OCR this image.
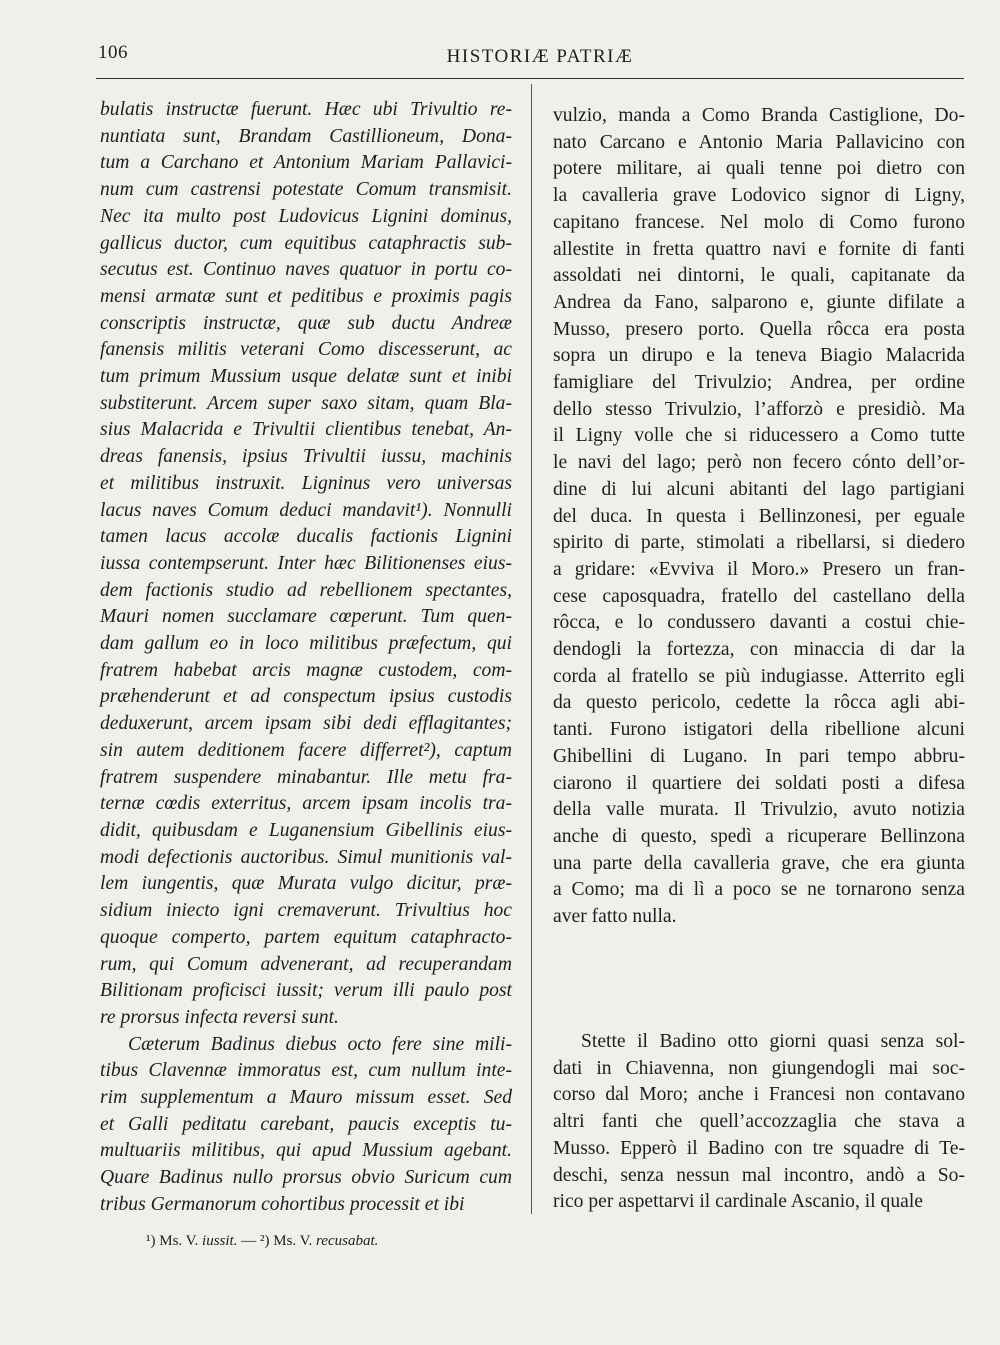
106	HISTORIÆ PATRIÆ
bulatis instructæ fuerunt. Hæc ubi Trivultio re-
nuntiata sunt, Brandam Castillioneum, Dona-
tum a Carchano et Antonium Mariam Pallavici-
num cum castrensi potestate Comum transmisit.
Nec ita multo post Ludovicus Lignini dominus,
gallicus ductor, cum equitibus cataphractis sub-
secutus est. Continuo naves quatuor in portu co-
mensi armatæ sunt et peditibus e proximis pagis
conscriptis instructæ, quæ sub ductu Andreæ
fanensis militis veterani Como discesserunt, ac
tum primum Mussium usque delatæ sunt et inibi
substiterunt. Arcem super saxo sitam, quam Bla-
sius Malacrida e Trivultii clientibus tenebat, An-
dreas fanensis, ipsius Trivultii iussu, machinis
et militibus instruxit. Ligninus vero universas
lacus naves Comum deduci mandavit¹). Nonnulli
tamen lacus accolæ ducalis factionis Lignini
iussa contempserunt. Inter hæc Bilitionenses eius-
dem factionis studio ad rebellionem spectantes,
Mauri nomen succlamare cœperunt. Tum quen-
dam gallum eo in loco militibus præfectum, qui
fratrem habebat arcis magnæ custodem, com-
præhenderunt et ad conspectum ipsius custodis
deduxerunt, arcem ipsam sibi dedi efflagitantes;
sin autem deditionem facere differret²), captum
fratrem suspendere minabantur. Ille metu fra-
ternæ cœdis exterritus, arcem ipsam incolis tra-
didit, quibusdam e Luganensium Gibellinis eius-
modi defectionis auctoribus. Simul munitionis val-
lem iungentis, quæ Murata vulgo dicitur, præ-
sidium iniecto igni cremaverunt. Trivultius hoc
quoque comperto, partem equitum cataphracto-
rum, qui Comum advenerant, ad recuperandam
Bilitionam proficisci iussit; verum illi paulo post
re prorsus infecta reversi sunt.
Cæterum Badinus diebus octo fere sine mili-
tibus Clavennæ immoratus est, cum nullum inte-
rim supplementum a Mauro missum esset. Sed
et Galli peditatu carebant, paucis exceptis tu-
multuariis militibus, qui apud Mussium agebant.
Quare Badinus nullo prorsus obvio Suricum cum
tribus Germanorum cohortibus processit et ibi
vulzio, manda a Como Branda Castiglione, Do-
nato Carcano e Antonio Maria Pallavicino con
potere militare, ai quali tenne poi dietro con
la cavalleria grave Lodovico signor di Ligny,
capitano francese. Nel molo di Como furono
allestite in fretta quattro navi e fornite di fanti
assoldati nei dintorni, le quali, capitanate da
Andrea da Fano, salparono e, giunte difilate a
Musso, presero porto. Quella rôcca era posta
sopra un dirupo e la teneva Biagio Malacrida
famigliare del Trivulzio; Andrea, per ordine
dello stesso Trivulzio, l’afforzò e presidiò. Ma
il Ligny volle che si riducessero a Como tutte
le navi del lago; però non fecero cónto dell’or-
dine di lui alcuni abitanti del lago partigiani
del duca. In questa i Bellinzonesi, per eguale
spirito di parte, stimolati a ribellarsi, si diedero
a gridare: «Evviva il Moro.» Presero un fran-
cese caposquadra, fratello del castellano della
rôcca, e lo condussero davanti a costui chie-
dendogli la fortezza, con minaccia di dar la
corda al fratello se più indugiasse. Atterrito egli
da questo pericolo, cedette la rôcca agli abi-
tanti. Furono istigatori della ribellione alcuni
Ghibellini di Lugano. In pari tempo abbru-
ciarono il quartiere dei soldati posti a difesa
della valle murata. Il Trivulzio, avuto notizia
anche di questo, spedì a ricuperare Bellinzona
una parte della cavalleria grave, che era giunta
a Como; ma di lì a poco se ne tornarono senza
aver fatto nulla.
Stette il Badino otto giorni quasi senza sol-
dati in Chiavenna, non giungendogli mai soc-
corso dal Moro; anche i Francesi non contavano
altri fanti che quell’accozzaglia che stava a
Musso. Epperò il Badino con tre squadre di Te-
deschi, senza nessun mal incontro, andò a So-
rico per aspettarvi il cardinale Ascanio, il quale
¹) Ms. V. iussit. — ²) Ms. V. recusabat.
